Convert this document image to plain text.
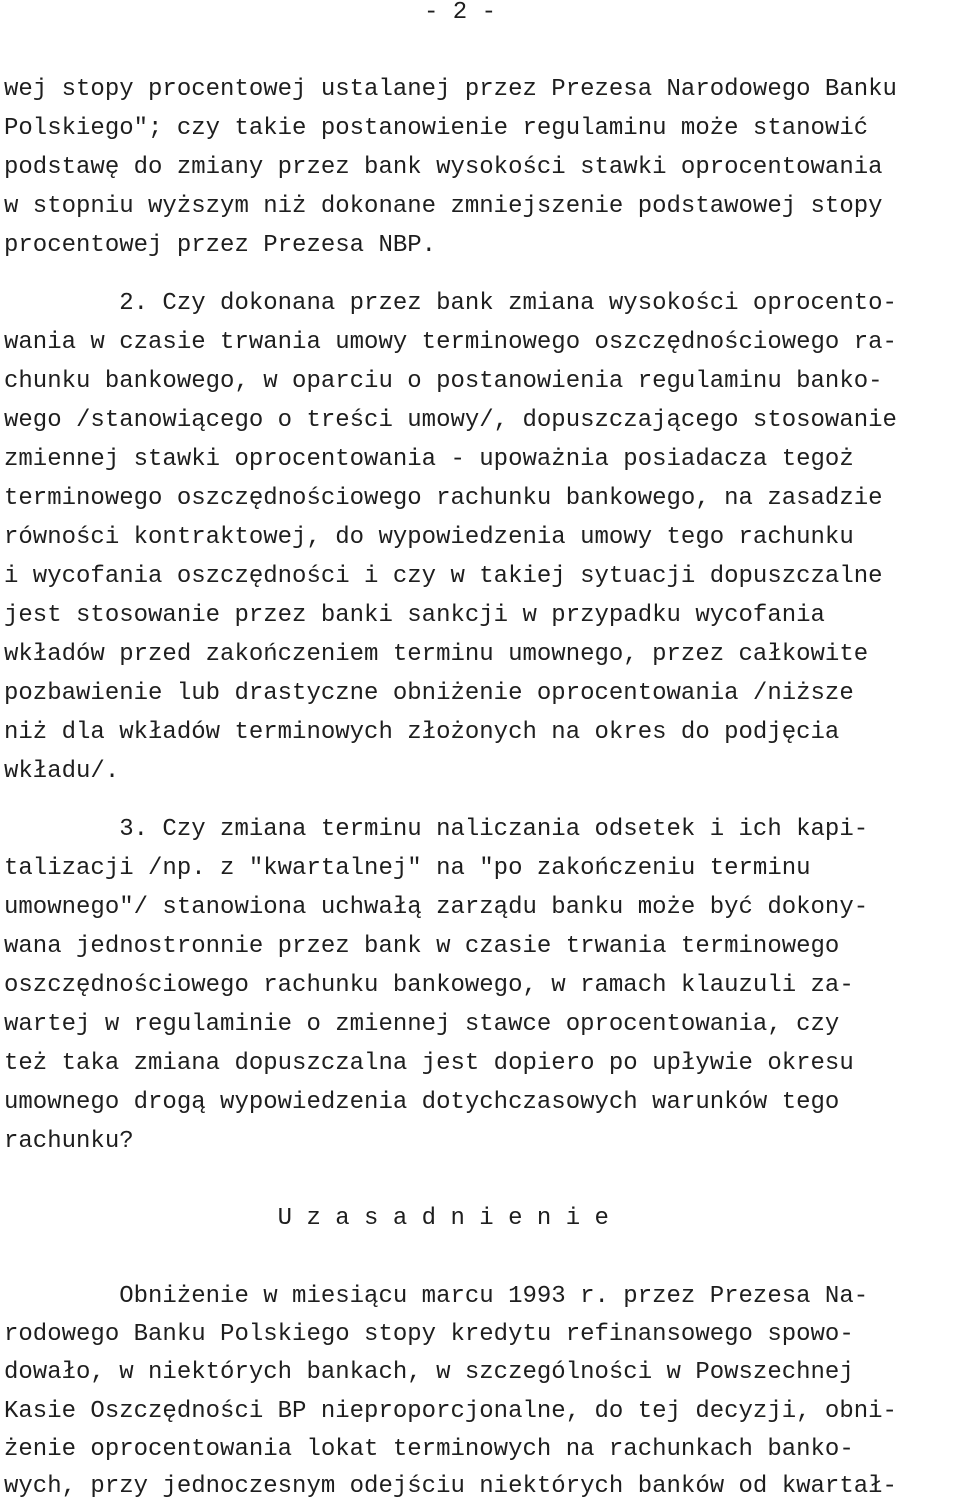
- 2 -
wej stopy procentowej ustalanej przez Prezesa Narodowego Banku
Polskiego"; czy takie postanowienie regulaminu może stanowić
podstawę do zmiany przez bank wysokości stawki oprocentowania
w stopniu wyższym niż dokonane zmniejszenie podstawowej stopy
procentowej przez Prezesa NBP.
2. Czy dokonana przez bank zmiana wysokości oprocento-
wania w czasie trwania umowy terminowego oszczędnościowego ra-
chunku bankowego, w oparciu o postanowienia regulaminu banko-
wego /stanowiącego o treści umowy/, dopuszczającego stosowanie
zmiennej stawki oprocentowania - upoważnia posiadacza tegoż
terminowego oszczędnościowego rachunku bankowego, na zasadzie
równości kontraktowej, do wypowiedzenia umowy tego rachunku
i wycofania oszczędności i czy w takiej sytuacji dopuszczalne
jest stosowanie przez banki sankcji w przypadku wycofania
wkładów przed zakończeniem terminu umownego, przez całkowite
pozbawienie lub drastyczne obniżenie oprocentowania /niższe
niż dla wkładów terminowych złożonych na okres do podjęcia
wkładu/.
3. Czy zmiana terminu naliczania odsetek i ich kapi-
talizacji /np. z "kwartalnej" na "po zakończeniu terminu
umownego"/ stanowiona uchwałą zarządu banku może być dokony-
wana jednostronnie przez bank w czasie trwania terminowego
oszczędnościowego rachunku bankowego, w ramach klauzuli za-
wartej w regulaminie o zmiennej stawce oprocentowania, czy
też taka zmiana dopuszczalna jest dopiero po upływie okresu
umownego drogą wypowiedzenia dotychczasowych warunków tego
rachunku?
U z a s a d n i e n i e
Obniżenie w miesiącu marcu 1993 r. przez Prezesa Na-
rodowego Banku Polskiego stopy kredytu refinansowego spowo-
dowało, w niektórych bankach, w szczególności w Powszechnej
Kasie Oszczędności BP nieproporcjonalne, do tej decyzji, obni-
żenie oprocentowania lokat terminowych na rachunkach banko-
wych, przy jednoczesnym odejściu niektórych banków od kwartał-
